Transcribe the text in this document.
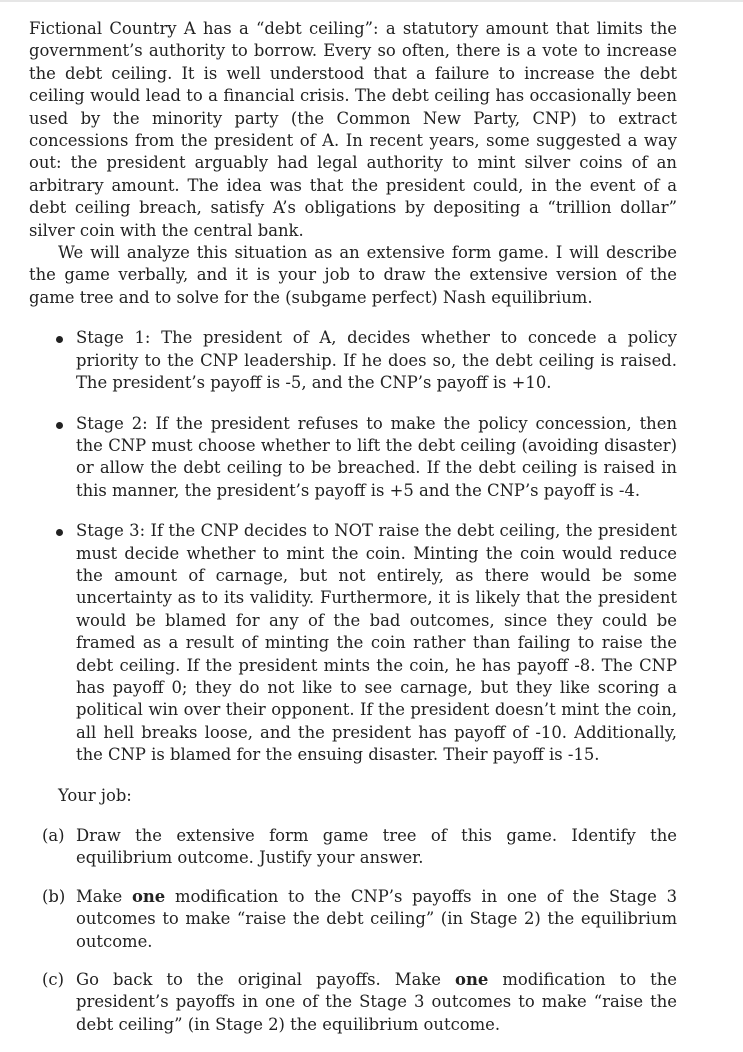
Fictional Country A has a “debt ceiling”: a statutory amount that limits the government’s authority to borrow. Every so often, there is a vote to increase the debt ceiling. It is well understood that a failure to increase the debt ceiling would lead to a financial crisis. The debt ceiling has occasionally been used by the minority party (the Common New Party, CNP) to extract concessions from the president of A. In recent years, some suggested a way out: the president arguably had legal authority to mint silver coins of an arbitrary amount. The idea was that the president could, in the event of a debt ceiling breach, satisfy A’s obligations by depositing a “trillion dollar” silver coin with the central bank.

We will analyze this situation as an extensive form game. I will describe the game verbally, and it is your job to draw the extensive version of the game tree and to solve for the (subgame perfect) Nash equilibrium.

Stage 1: The president of A, decides whether to concede a policy priority to the CNP leadership. If he does so, the debt ceiling is raised. The president’s payoff is -5, and the CNP’s payoff is +10.
Stage 2: If the president refuses to make the policy concession, then the CNP must choose whether to lift the debt ceiling (avoiding disaster) or allow the debt ceiling to be breached. If the debt ceiling is raised in this manner, the president’s payoff is +5 and the CNP’s payoff is -4.
Stage 3: If the CNP decides to NOT raise the debt ceiling, the president must decide whether to mint the coin. Minting the coin would reduce the amount of carnage, but not entirely, as there would be some uncertainty as to its validity. Furthermore, it is likely that the president would be blamed for any of the bad outcomes, since they could be framed as a result of minting the coin rather than failing to raise the debt ceiling. If the president mints the coin, he has payoff -8. The CNP has payoff 0; they do not like to see carnage, but they like scoring a political win over their opponent. If the president doesn’t mint the coin, all hell breaks loose, and the president has payoff of -10. Additionally, the CNP is blamed for the ensuing disaster. Their payoff is -15.

Your job:

(a) Draw the extensive form game tree of this game. Identify the equilibrium outcome. Justify your answer.
(b) Make one modification to the CNP’s payoffs in one of the Stage 3 outcomes to make “raise the debt ceiling” (in Stage 2) the equilibrium outcome.
(c) Go back to the original payoffs. Make one modification to the president’s payoffs in one of the Stage 3 outcomes to make “raise the debt ceiling” (in Stage 2) the equilibrium outcome.
